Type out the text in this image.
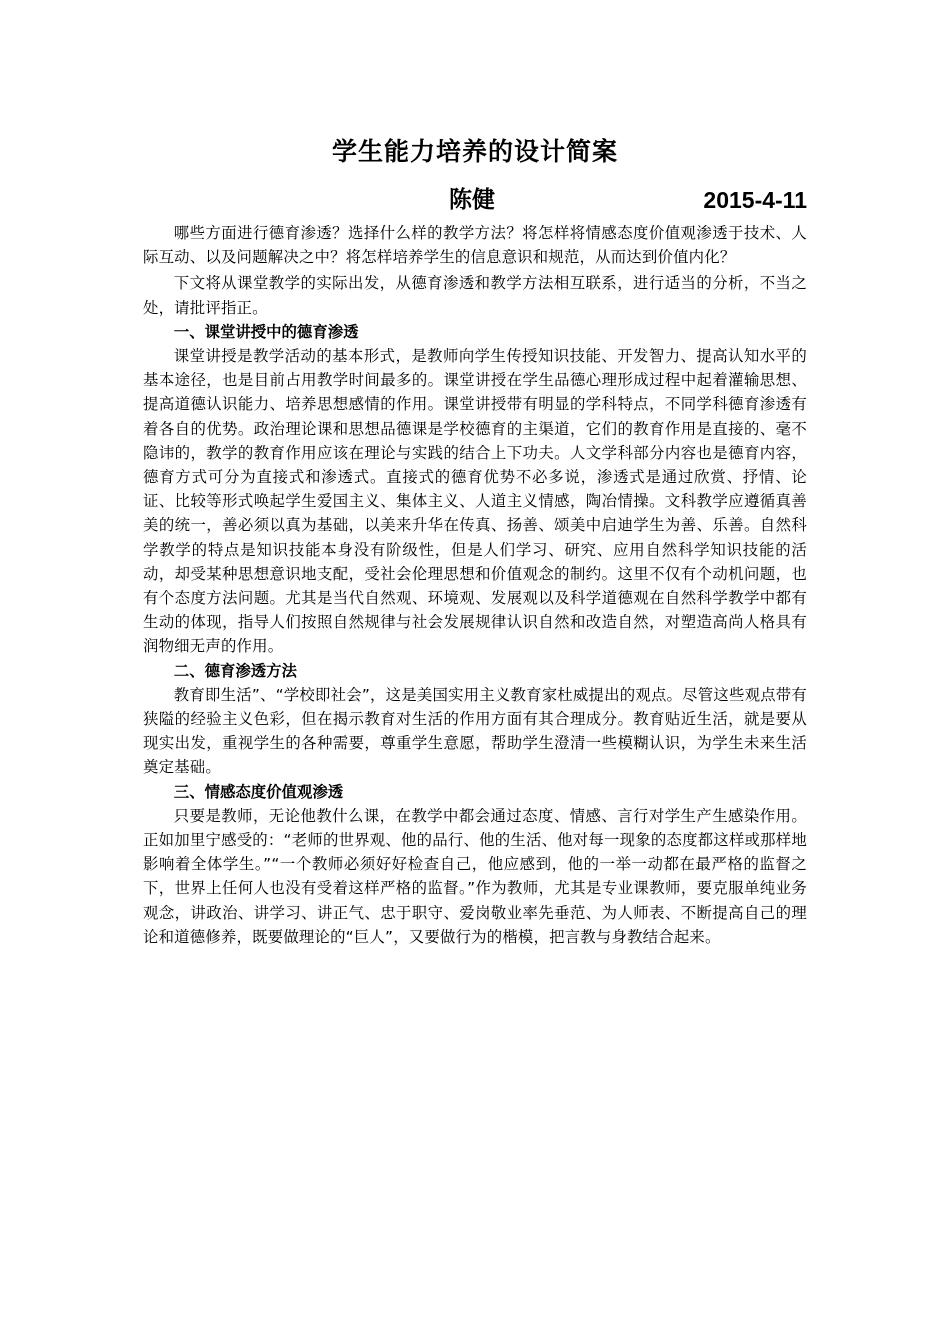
学生能力培养的设计简案
陈健	2015-4-11

哪些方面进行德育渗透？选择什么样的教学方法？将怎样将情感态度价值观渗透于技术、人际互动、以及问题解决之中？将怎样培养学生的信息意识和规范，从而达到价值内化？

下文将从课堂教学的实际出发，从德育渗透和教学方法相互联系，进行适当的分析，不当之处，请批评指正。

一、课堂讲授中的德育渗透

课堂讲授是教学活动的基本形式，是教师向学生传授知识技能、开发智力、提高认知水平的基本途径，也是目前占用教学时间最多的。课堂讲授在学生品德心理形成过程中起着灌输思想、提高道德认识能力、培养思想感情的作用。课堂讲授带有明显的学科特点，不同学科德育渗透有着各自的优势。政治理论课和思想品德课是学校德育的主渠道，它们的教育作用是直接的、毫不隐讳的，教学的教育作用应该在理论与实践的结合上下功夫。人文学科部分内容也是德育内容，德育方式可分为直接式和渗透式。直接式的德育优势不必多说，渗透式是通过欣赏、抒情、论证、比较等形式唤起学生爱国主义、集体主义、人道主义情感，陶冶情操。文科教学应遵循真善美的统一，善必须以真为基础，以美来升华在传真、扬善、颂美中启迪学生为善、乐善。自然科学教学的特点是知识技能本身没有阶级性，但是人们学习、研究、应用自然科学知识技能的活动，却受某种思想意识地支配，受社会伦理思想和价值观念的制约。这里不仅有个动机问题，也有个态度方法问题。尤其是当代自然观、环境观、发展观以及科学道德观在自然科学教学中都有生动的体现，指导人们按照自然规律与社会发展规律认识自然和改造自然，对塑造高尚人格具有润物细无声的作用。

二、德育渗透方法

教育即生活”、“学校即社会”，这是美国实用主义教育家杜威提出的观点。尽管这些观点带有狭隘的经验主义色彩，但在揭示教育对生活的作用方面有其合理成分。教育贴近生活，就是要从现实出发，重视学生的各种需要，尊重学生意愿，帮助学生澄清一些模糊认识，为学生未来生活奠定基础。

三、情感态度价值观渗透

只要是教师，无论他教什么课，在教学中都会通过态度、情感、言行对学生产生感染作用。正如加里宁感受的：“老师的世界观、他的品行、他的生活、他对每一现象的态度都这样或那样地影响着全体学生。”“一个教师必须好好检查自己，他应感到，他的一举一动都在最严格的监督之下，世界上任何人也没有受着这样严格的监督。”作为教师，尤其是专业课教师，要克服单纯业务观念，讲政治、讲学习、讲正气、忠于职守、爱岗敬业率先垂范、为人师表、不断提高自己的理论和道德修养，既要做理论的“巨人”，又要做行为的楷模，把言教与身教结合起来。
